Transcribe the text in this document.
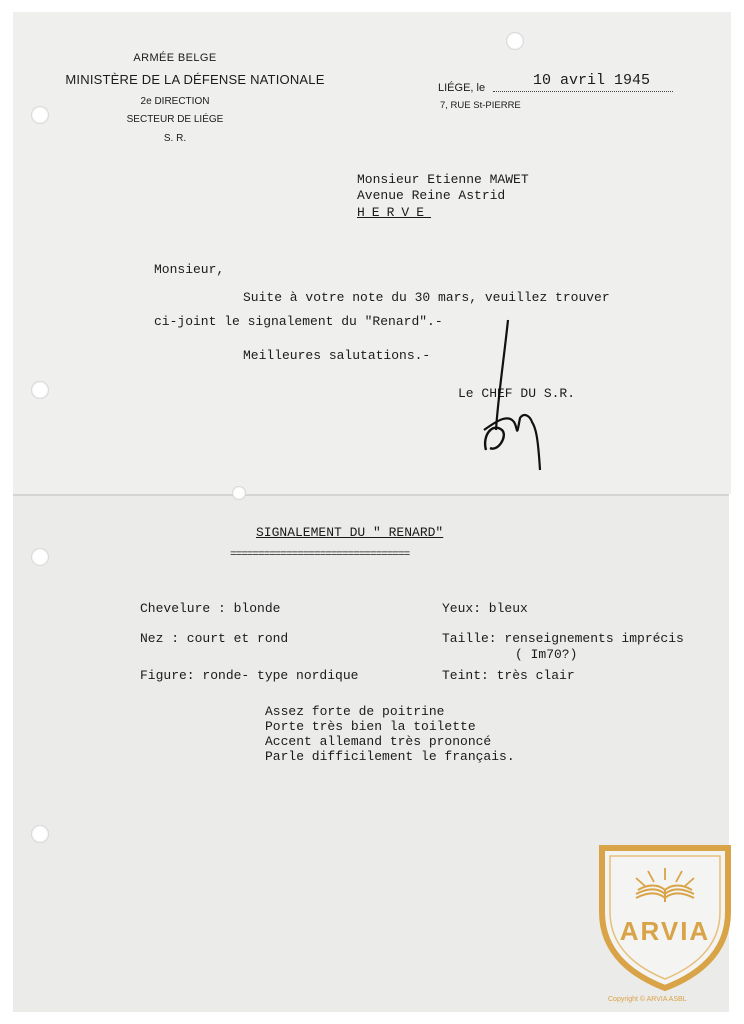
ARMÉE BELGE
MINISTÈRE DE LA DÉFENSE NATIONALE
2e DIRECTION
SECTEUR DE LIÉGE
S. R.
LIÉGE, le	10 avril 1945
7, RUE St-PIERRE
Monsieur Etienne MAWET
Avenue Reine Astrid
HERVE
Monsieur,
Suite à votre note du 30 mars, veuillez trouver
ci-joint le signalement du "Renard".-
Meilleures salutations.-
Le CHEF DU S.R.
SIGNALEMENT DU " RENARD"
================================
Chevelure : blonde	Yeux: bleux
Nez : court et rond	Taille: renseignements imprécis
( Im70?)
Figure: ronde- type nordique	Teint: très clair
Assez forte de poitrine
Porte très bien la toilette
Accent allemand très prononcé
Parle difficilement le français.
ARVIA
Copyright © ARVIA ASBL
